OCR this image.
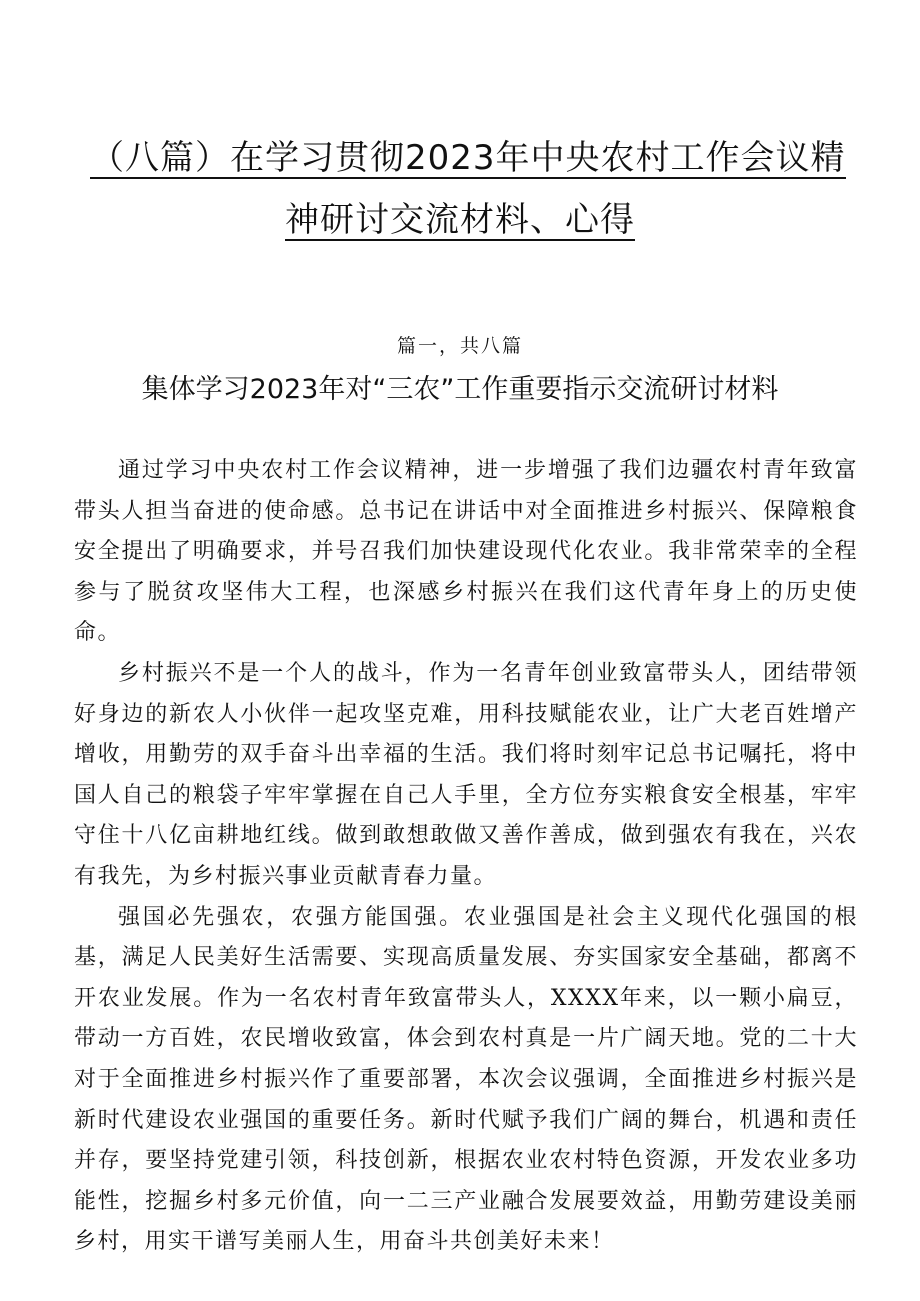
（八篇）在学习贯彻2023年中央农村工作会议精
神研讨交流材料、心得
篇一，共八篇
集体学习2023年对“三农”工作重要指示交流研讨材料

通过学习中央农村工作会议精神，进一步增强了我们边疆农村青年致富带头人担当奋进的使命感。总书记在讲话中对全面推进乡村振兴、保障粮食安全提出了明确要求，并号召我们加快建设现代化农业。我非常荣幸的全程参与了脱贫攻坚伟大工程，也深感乡村振兴在我们这代青年身上的历史使命。

乡村振兴不是一个人的战斗，作为一名青年创业致富带头人，团结带领好身边的新农人小伙伴一起攻坚克难，用科技赋能农业，让广大老百姓增产增收，用勤劳的双手奋斗出幸福的生活。我们将时刻牢记总书记嘱托，将中国人自己的粮袋子牢牢掌握在自己人手里，全方位夯实粮食安全根基，牢牢守住十八亿亩耕地红线。做到敢想敢做又善作善成，做到强农有我在，兴农有我先，为乡村振兴事业贡献青春力量。

强国必先强农，农强方能国强。农业强国是社会主义现代化强国的根基，满足人民美好生活需要、实现高质量发展、夯实国家安全基础，都离不开农业发展。作为一名农村青年致富带头人，XXXX年来，以一颗小扁豆，带动一方百姓，农民增收致富，体会到农村真是一片广阔天地。党的二十大对于全面推进乡村振兴作了重要部署，本次会议强调，全面推进乡村振兴是新时代建设农业强国的重要任务。新时代赋予我们广阔的舞台，机遇和责任并存，要坚持党建引领，科技创新，根据农业农村特色资源，开发农业多功能性，挖掘乡村多元价值，向一二三产业融合发展要效益，用勤劳建设美丽乡村，用实干谱写美丽人生，用奋斗共创美好未来！
